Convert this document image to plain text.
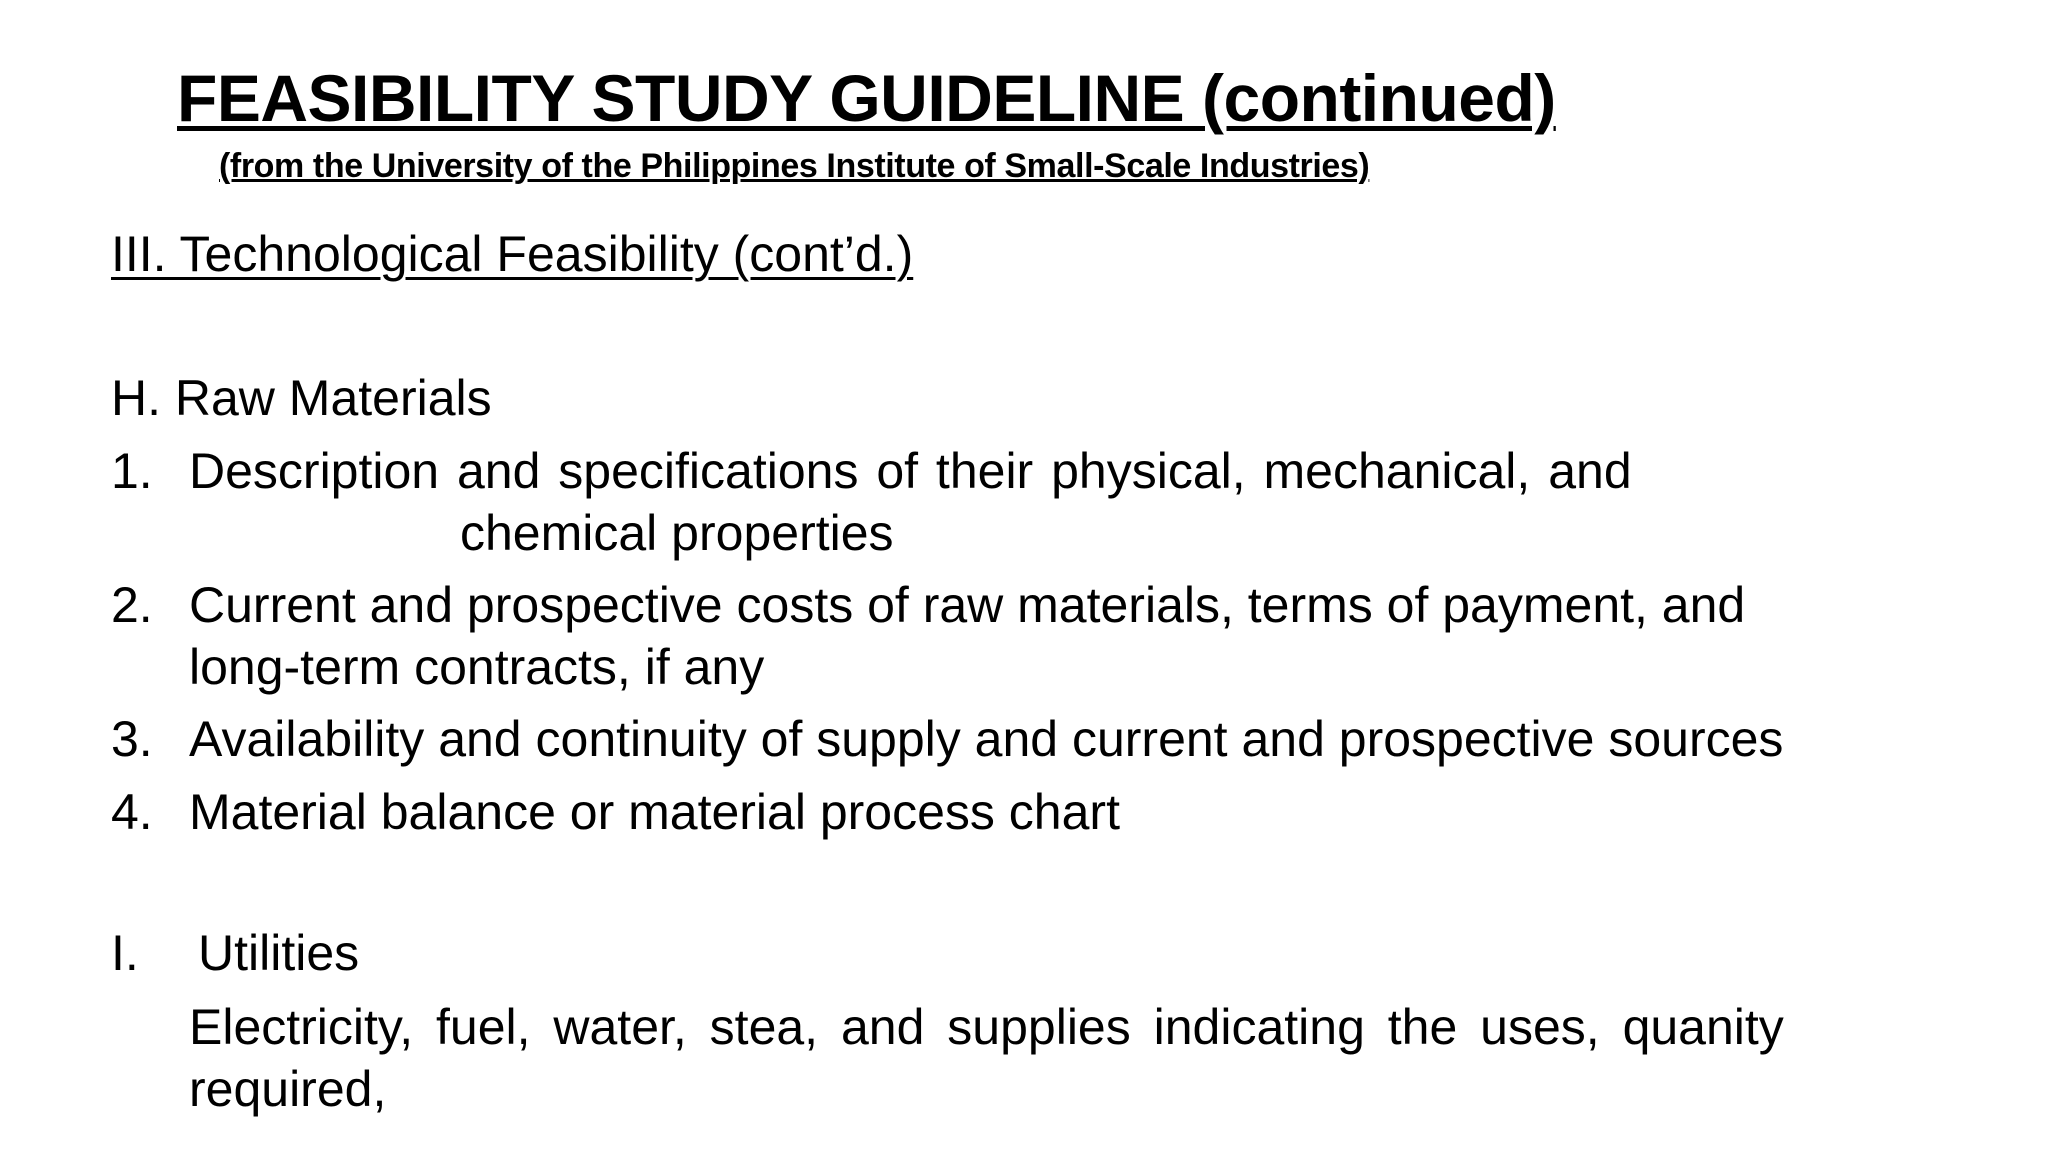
FEASIBILITY STUDY GUIDELINE (continued)
(from the University of the Philippines Institute of Small-Scale Industries)
III. Technological Feasibility (cont’d.)
H. Raw Materials
1. Description and specifications of their physical, mechanical, and
chemical properties
2. Current and prospective costs of raw materials, terms of payment, and
long-term contracts, if any
3. Availability and continuity of supply and current and prospective sources
4. Material balance or material process chart
I. Utilities
Electricity, fuel, water, stea, and supplies indicating the uses, quanity
required,
